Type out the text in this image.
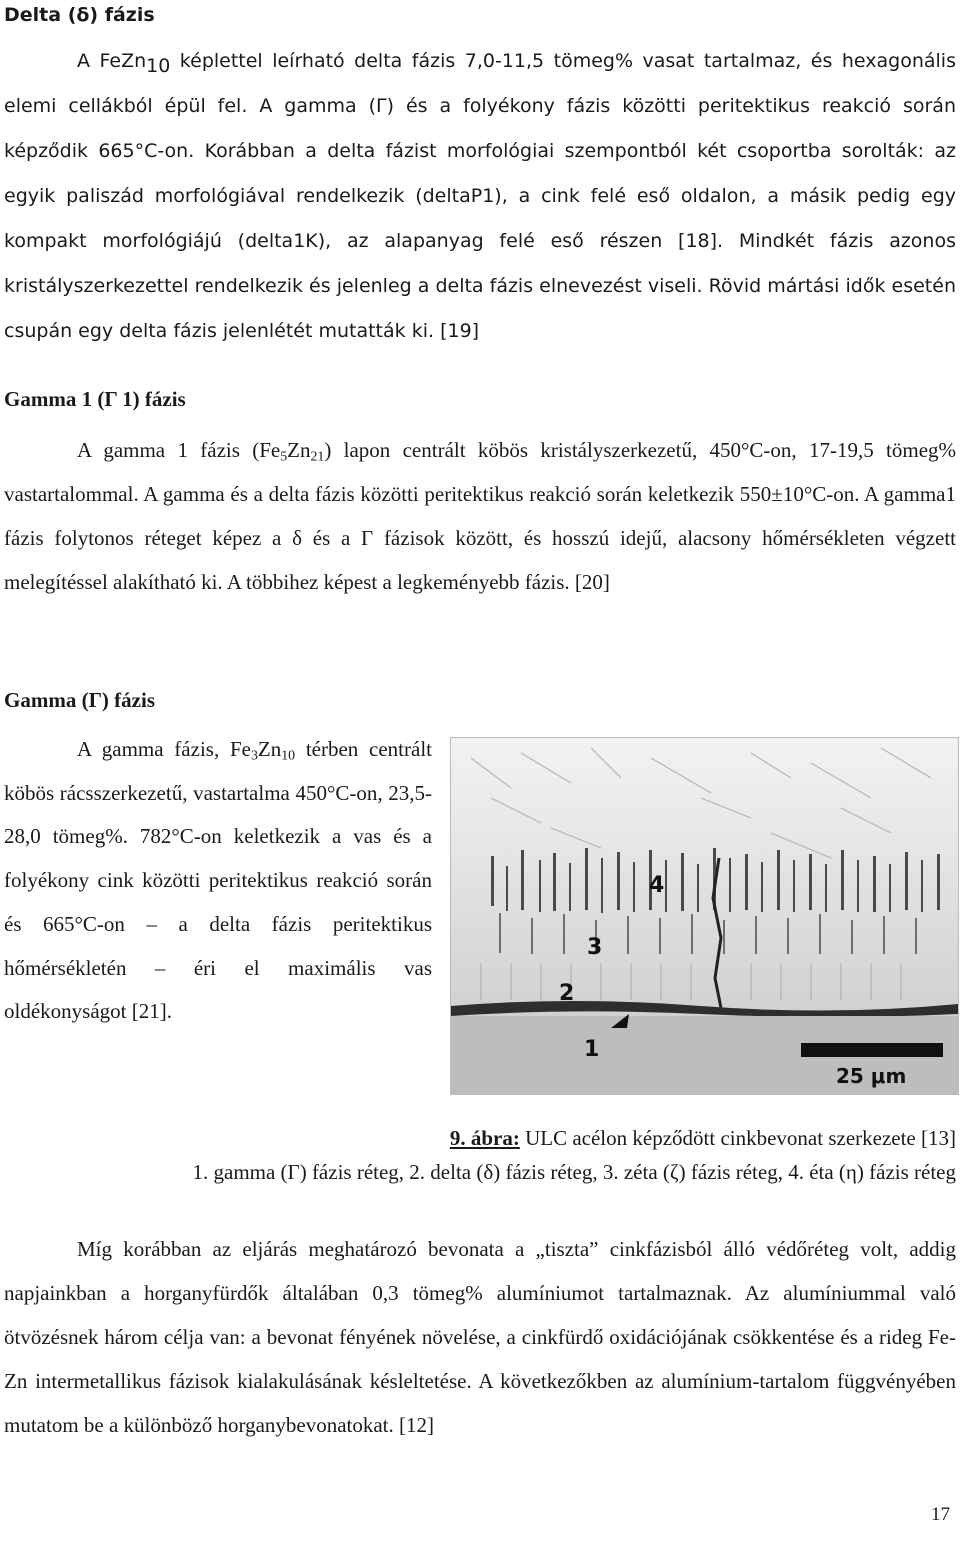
Delta (δ) fázis

A FeZn$_{10}$ képlettel leírható delta fázis 7,0-11,5 tömeg% vasat tartalmaz, és hexagonális elemi cellákból épül fel. A gamma (Γ) és a folyékony fázis közötti peritektikus reakció során képződik 665°C-on. Korábban a delta fázist morfológiai szempontból két csoportba sorolták: az egyik paliszád morfológiával rendelkezik (deltaP1), a cink felé eső oldalon, a másik pedig egy kompakt morfológiájú (delta1K), az alapanyag felé eső részen [18]. Mindkét fázis azonos kristályszerkezettel rendelkezik és jelenleg a delta fázis elnevezést viseli. Rövid mártási idők esetén csupán egy delta fázis jelenlétét mutatták ki. [19]

Gamma 1 (Γ 1) fázis

A gamma 1 fázis $(Fe_5Zn_{21})$ lapon centrált köbös kristályszerkezetű, 450°C-on, 17-19,5 tömeg% vastartalommal. A gamma és a delta fázis közötti peritektikus reakció során keletkezik 550±10°C-on. A gamma1 fázis folytonos réteget képez a δ és a Γ fázisok között, és hosszú idejű, alacsony hőmérsékleten végzett melegítéssel alakítható ki. A többihez képest a legkeményebb fázis. [20]

Gamma (Γ) fázis

A gamma fázis, $Fe_3Zn_{10}$ térben centrált köbös rácsszerkezetű, vastartalma 450°C-on, 23,5-28,0 tömeg%. 782°C-on keletkezik a vas és a folyékony cink közötti peritektikus reakció során és 665°C-on – a delta fázis peritektikus hőmérsékletén – éri el maximális vas oldékonyságot [21].

4
3
2
1
25 μm
9. ábra: ULC acélon képződött cinkbevonat szerkezete [13]
1. gamma (Γ) fázis réteg, 2. delta (δ) fázis réteg, 3. zéta (ζ) fázis réteg, 4. éta (η) fázis réteg

Míg korábban az eljárás meghatározó bevonata a „tiszta” cinkfázisból álló védőréteg volt, addig napjainkban a horganyfürdők általában 0,3 tömeg% alumíniumot tartalmaznak. Az alumíniummal való ötvözésnek három célja van: a bevonat fényének növelése, a cinkfürdő oxidációjának csökkentése és a rideg Fe-Zn intermetallikus fázisok kialakulásának késleltetése. A következőkben az alumínium-tartalom függvényében mutatom be a különböző horganybevonatokat. [12]

17
